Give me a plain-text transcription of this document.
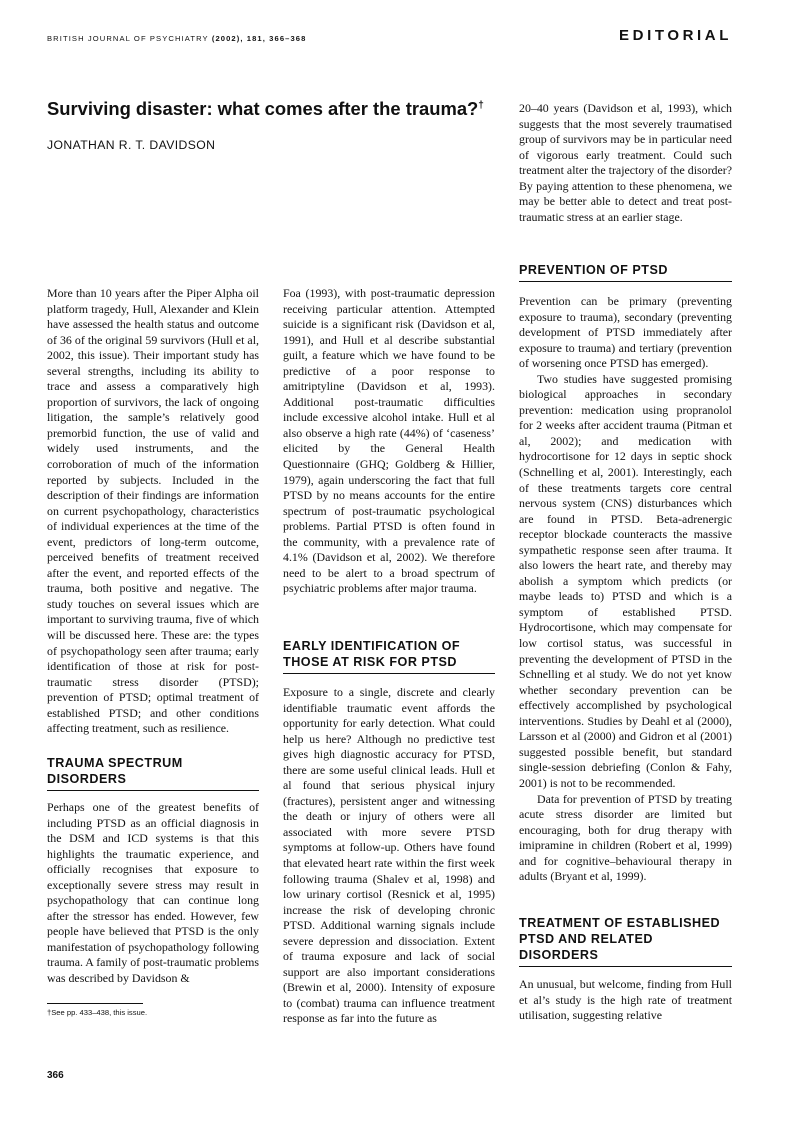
BRITISH JOURNAL OF PSYCHIATRY (2002), 181, 366–368	EDITORIAL
Surviving disaster: what comes after the trauma?†
JONATHAN R. T. DAVIDSON

More than 10 years after the Piper Alpha oil platform tragedy, Hull, Alexander and Klein have assessed the health status and outcome of 36 of the original 59 survivors (Hull et al, 2002, this issue). Their important study has several strengths, including its ability to trace and assess a comparatively high proportion of survivors, the lack of ongoing litigation, the sample’s relatively good premorbid function, the use of valid and widely used instruments, and the corroboration of much of the information reported by subjects. Included in the description of their findings are information on current psychopathology, characteristics of individual experiences at the time of the event, predictors of long-term outcome, perceived benefits of treatment received after the event, and reported effects of the trauma, both positive and negative. The study touches on several issues which are important to surviving trauma, five of which will be discussed here. These are: the types of psychopathology seen after trauma; early identification of those at risk for post-traumatic stress disorder (PTSD); prevention of PTSD; optimal treatment of established PTSD; and other conditions affecting treatment, such as resilience.

TRAUMA SPECTRUM DISORDERS

Perhaps one of the greatest benefits of including PTSD as an official diagnosis in the DSM and ICD systems is that this highlights the traumatic experience, and officially recognises that exposure to exceptionally severe stress may result in psychopathology that can continue long after the stressor has ended. However, few people have believed that PTSD is the only manifestation of psychopathology following trauma. A family of post-traumatic problems was described by Davidson &

Foa (1993), with post-traumatic depression receiving particular attention. Attempted suicide is a significant risk (Davidson et al, 1991), and Hull et al describe substantial guilt, a feature which we have found to be predictive of a poor response to amitriptyline (Davidson et al, 1993). Additional post-traumatic difficulties include excessive alcohol intake. Hull et al also observe a high rate (44%) of ‘caseness’ elicited by the General Health Questionnaire (GHQ; Goldberg & Hillier, 1979), again underscoring the fact that full PTSD by no means accounts for the entire spectrum of post-traumatic psychological problems. Partial PTSD is often found in the community, with a prevalence rate of 4.1% (Davidson et al, 2002). We therefore need to be alert to a broad spectrum of psychiatric problems after major trauma.

EARLY IDENTIFICATION OF THOSE AT RISK FOR PTSD

Exposure to a single, discrete and clearly identifiable traumatic event affords the opportunity for early detection. What could help us here? Although no predictive test gives high diagnostic accuracy for PTSD, there are some useful clinical leads. Hull et al found that serious physical injury (fractures), persistent anger and witnessing the death or injury of others were all associated with more severe PTSD symptoms at follow-up. Others have found that elevated heart rate within the first week following trauma (Shalev et al, 1998) and low urinary cortisol (Resnick et al, 1995) increase the risk of developing chronic PTSD. Additional warning signals include severe depression and dissociation. Extent of trauma exposure and lack of social support are also important considerations (Brewin et al, 2000). Intensity of exposure to (combat) trauma can influence treatment response as far into the future as

20–40 years (Davidson et al, 1993), which suggests that the most severely traumatised group of survivors may be in particular need of vigorous early treatment. Could such treatment alter the trajectory of the disorder? By paying attention to these phenomena, we may be better able to detect and treat post-traumatic stress at an earlier stage.

PREVENTION OF PTSD

Prevention can be primary (preventing exposure to trauma), secondary (preventing development of PTSD immediately after exposure to trauma) and tertiary (prevention of worsening once PTSD has emerged).

Two studies have suggested promising biological approaches in secondary prevention: medication using propranolol for 2 weeks after accident trauma (Pitman et al, 2002); and medication with hydrocortisone for 12 days in septic shock (Schnelling et al, 2001). Interestingly, each of these treatments targets core central nervous system (CNS) disturbances which are found in PTSD. Beta-adrenergic receptor blockade counteracts the massive sympathetic response seen after trauma. It also lowers the heart rate, and thereby may abolish a symptom which predicts (or maybe leads to) PTSD and which is a symptom of established PTSD. Hydrocortisone, which may compensate for low cortisol status, was successful in preventing the development of PTSD in the Schnelling et al study. We do not yet know whether secondary prevention can be effectively accomplished by psychological interventions. Studies by Deahl et al (2000), Larsson et al (2000) and Gidron et al (2001) suggested possible benefit, but standard single-session debriefing (Conlon & Fahy, 2001) is not to be recommended.

Data for prevention of PTSD by treating acute stress disorder are limited but encouraging, both for drug therapy with imipramine in children (Robert et al, 1999) and for cognitive–behavioural therapy in adults (Bryant et al, 1999).

TREATMENT OF ESTABLISHED PTSD AND RELATED DISORDERS

An unusual, but welcome, finding from Hull et al’s study is the high rate of treatment utilisation, suggesting relative

†See pp. 433–438, this issue.
366
